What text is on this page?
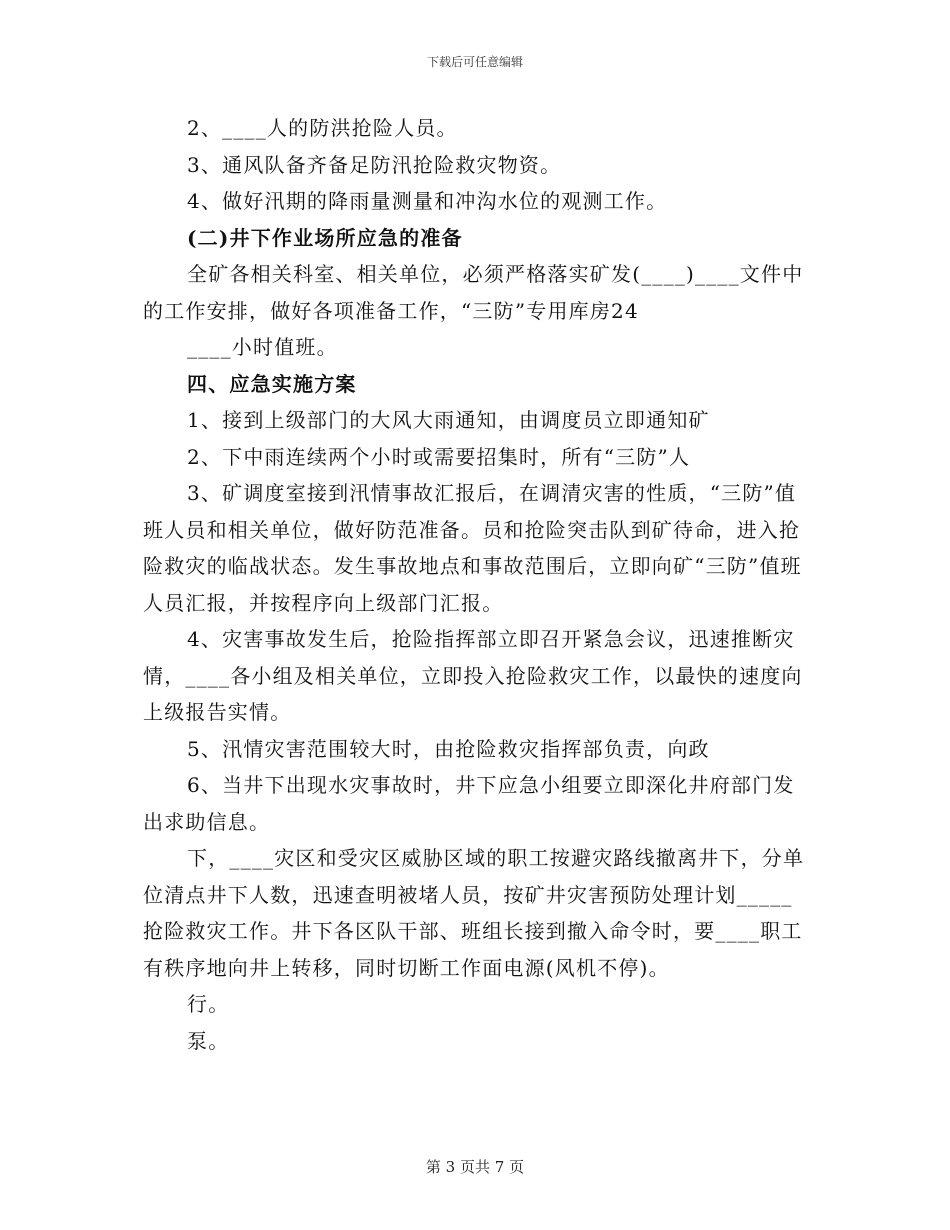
下载后可任意编辑

2、____人的防洪抢险人员。

3、通风队备齐备足防汛抢险救灾物资。

4、做好汛期的降雨量测量和冲沟水位的观测工作。

(二)井下作业场所应急的准备

全矿各相关科室、相关单位，必须严格落实矿发(____)____文件中的工作安排，做好各项准备工作，“三防”专用库房24

____小时值班。

四、应急实施方案

1、接到上级部门的大风大雨通知，由调度员立即通知矿

2、下中雨连续两个小时或需要招集时，所有“三防”人

3、矿调度室接到汛情事故汇报后，在调清灾害的性质，“三防”值班人员和相关单位，做好防范准备。员和抢险突击队到矿待命，进入抢险救灾的临战状态。发生事故地点和事故范围后，立即向矿“三防”值班人员汇报，并按程序向上级部门汇报。

4、灾害事故发生后，抢险指挥部立即召开紧急会议，迅速推断灾情，____各小组及相关单位，立即投入抢险救灾工作，以最快的速度向上级报告实情。

5、汛情灾害范围较大时，由抢险救灾指挥部负责，向政

6、当井下出现水灾事故时，井下应急小组要立即深化井府部门发出求助信息。

下，____灾区和受灾区威胁区域的职工按避灾路线撤离井下，分单位清点井下人数，迅速查明被堵人员，按矿井灾害预防处理计划_____抢险救灾工作。井下各区队干部、班组长接到撤入命令时，要____职工有秩序地向井上转移，同时切断工作面电源(风机不停)。

行。

泵。

第 3 页共 7 页
